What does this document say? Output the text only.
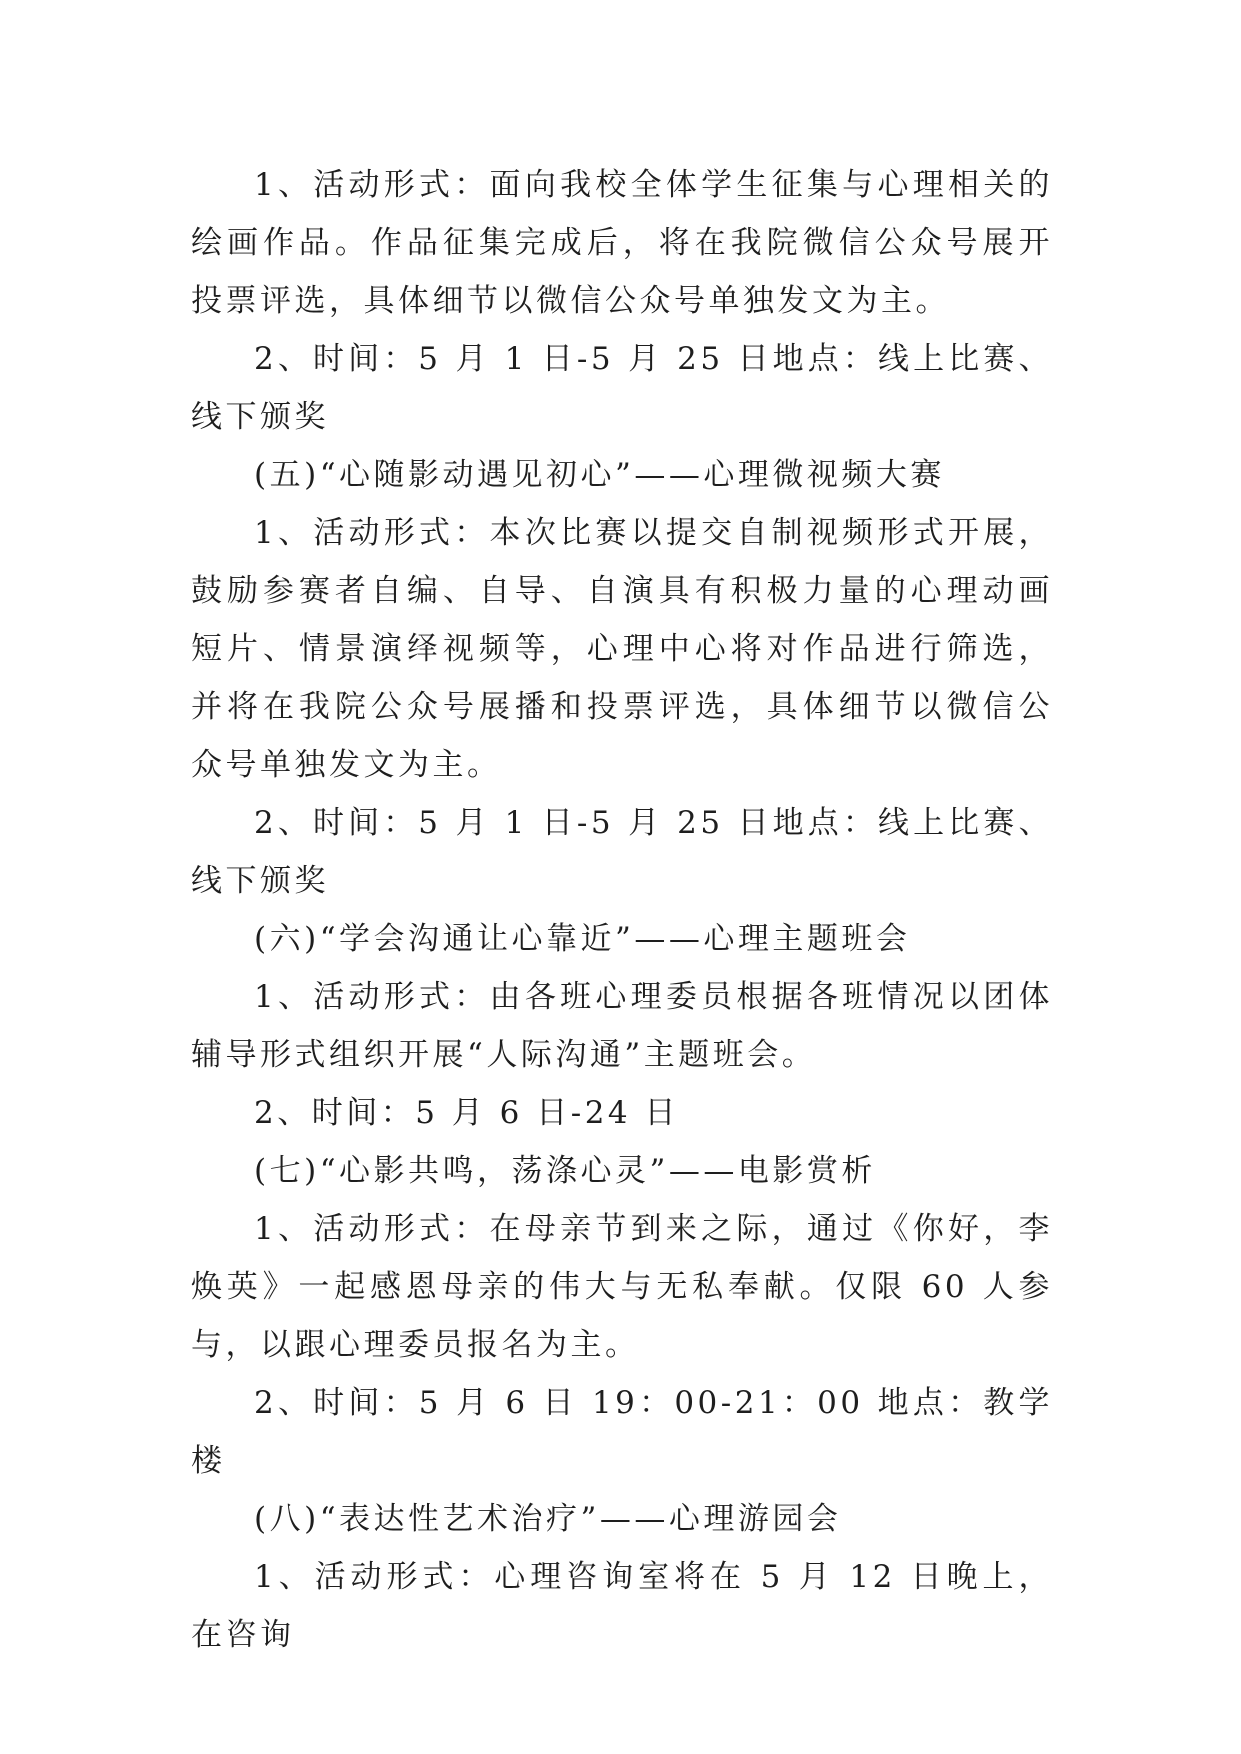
1、活动形式：面向我校全体学生征集与心理相关的绘画作品。作品征集完成后，将在我院微信公众号展开投票评选，具体细节以微信公众号单独发文为主。

2、时间：5 月 1 日-5 月 25 日地点：线上比赛、线下颁奖

(五)“心随影动遇见初心”——心理微视频大赛

1、活动形式：本次比赛以提交自制视频形式开展，鼓励参赛者自编、自导、自演具有积极力量的心理动画短片、情景演绎视频等，心理中心将对作品进行筛选，并将在我院公众号展播和投票评选，具体细节以微信公众号单独发文为主。

2、时间：5 月 1 日-5 月 25 日地点：线上比赛、线下颁奖

(六)“学会沟通让心靠近”——心理主题班会

1、活动形式：由各班心理委员根据各班情况以团体辅导形式组织开展“人际沟通”主题班会。

2、时间：5 月 6 日-24 日

(七)“心影共鸣，荡涤心灵”——电影赏析

1、活动形式：在母亲节到来之际，通过《你好，李焕英》一起感恩母亲的伟大与无私奉献。仅限 60 人参与，以跟心理委员报名为主。

2、时间：5 月 6 日 19：00-21：00 地点：教学楼

(八)“表达性艺术治疗”——心理游园会

1、活动形式：心理咨询室将在 5 月 12 日晚上，在咨询
